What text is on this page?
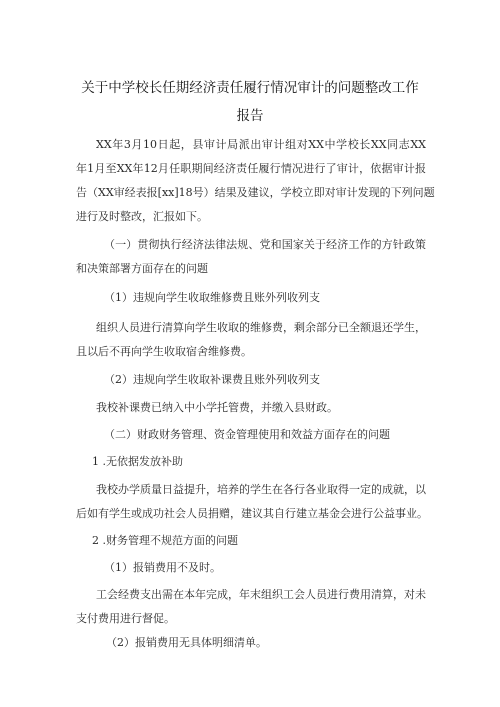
关于中学校长任期经济责任履行情况审计的问题整改工作
报告
XX年3月10日起，县审计局派出审计组对XX中学校长XX同志XX
年1月至XX年12月任职期间经济责任履行情况进行了审计，依据审计报
告（XX审经表报[xx]18号）结果及建议，学校立即对审计发现的下列问题
进行及时整改，汇报如下。
（一）贯彻执行经济法律法规、党和国家关于经济工作的方针政策
和决策部署方面存在的问题
（1）违规向学生收取维修费且账外列收列支
组织人员进行清算向学生收取的维修费，剩余部分已全额退还学生，
且以后不再向学生收取宿舍维修费。
（2）违规向学生收取补课费且账外列收列支
我校补课费已纳入中小学托管费，并缴入县财政。
（二）财政财务管理、资金管理使用和效益方面存在的问题
1 .无依据发放补助
我校办学质量日益提升，培养的学生在各行各业取得一定的成就，以
后如有学生或成功社会人员捐赠，建议其自行建立基金会进行公益事业。
2 .财务管理不规范方面的问题
（1）报销费用不及时。
工会经费支出需在本年完成，年末组织工会人员进行费用清算，对未
支付费用进行督促。
（2）报销费用无具体明细清单。
